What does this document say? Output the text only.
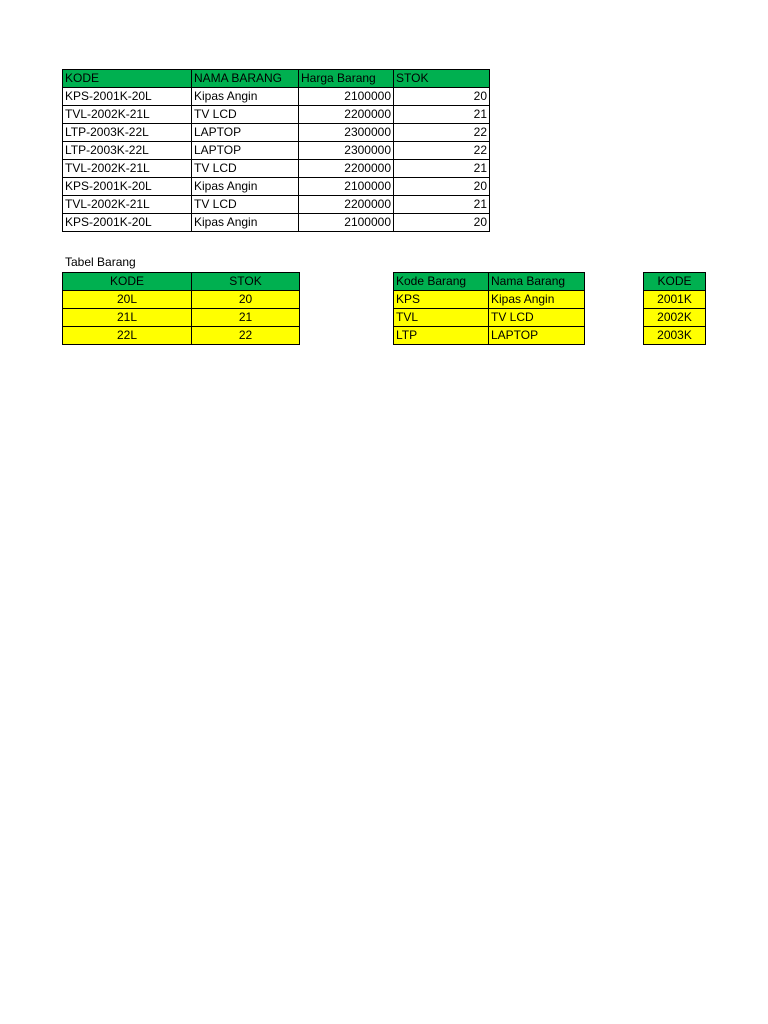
KODE	NAMA BARANG	Harga Barang	STOK
KPS-2001K-20L	Kipas Angin	2100000	20
TVL-2002K-21L	TV LCD	2200000	21
LTP-2003K-22L	LAPTOP	2300000	22
LTP-2003K-22L	LAPTOP	2300000	22
TVL-2002K-21L	TV LCD	2200000	21
KPS-2001K-20L	Kipas Angin	2100000	20
TVL-2002K-21L	TV LCD	2200000	21
KPS-2001K-20L	Kipas Angin	2100000	20
Tabel Barang
KODE	STOK
20L	20
21L	21
22L	22
Kode Barang	Nama Barang
KPS	Kipas Angin
TVL	TV LCD
LTP	LAPTOP
KODE
2001K
2002K
2003K
